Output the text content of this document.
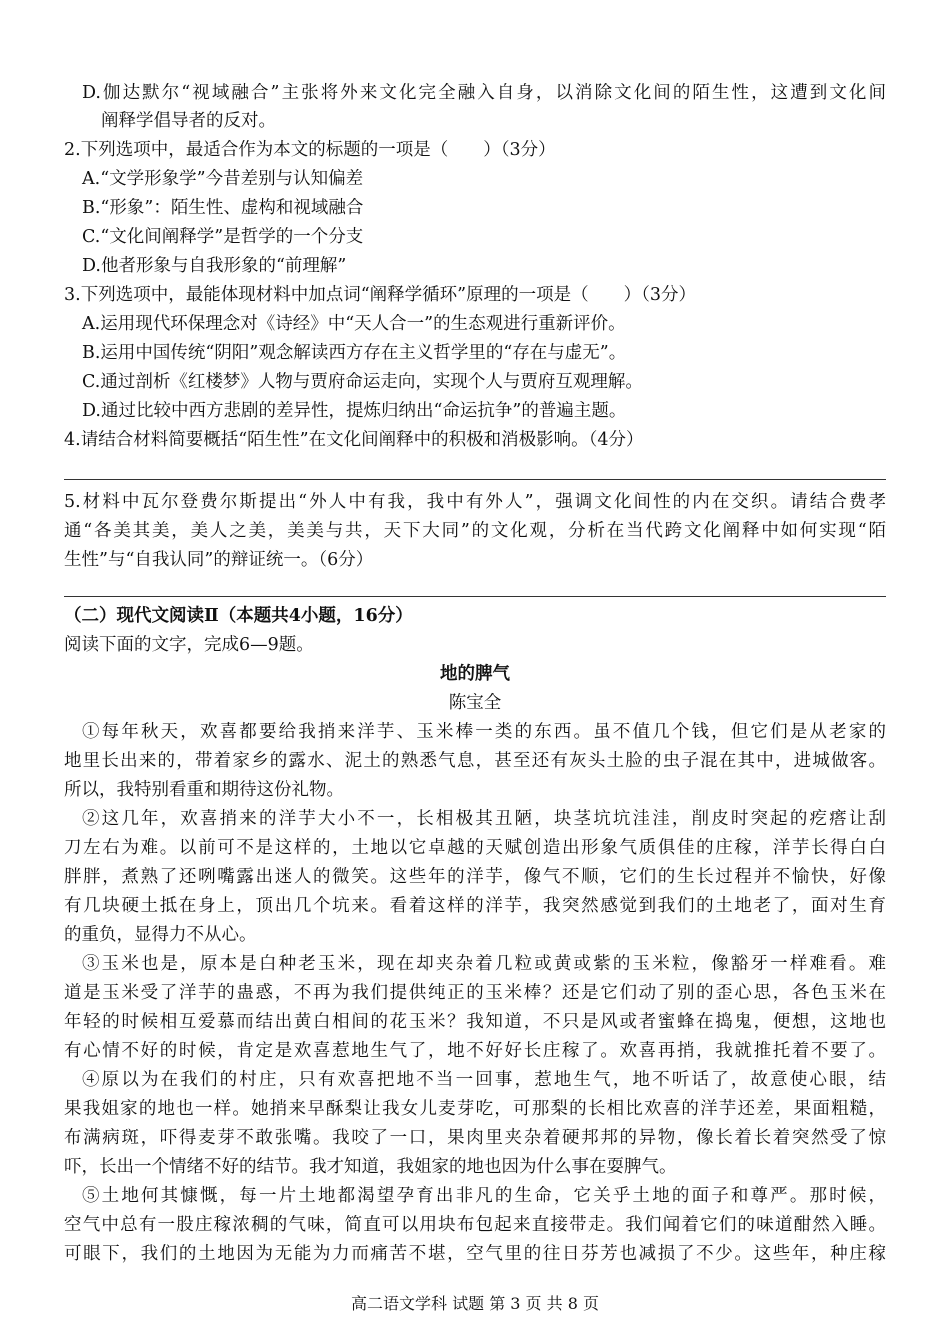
D.伽达默尔“视域融合”主张将外来文化完全融入自身，以消除文化间的陌生性，这遭到文化间
阐释学倡导者的反对。
2.下列选项中，最适合作为本文的标题的一项是（　　）（3分）
A.“文学形象学”今昔差别与认知偏差
B.“形象”：陌生性、虚构和视域融合
C.“文化间阐释学”是哲学的一个分支
D.他者形象与自我形象的“前理解”
3.下列选项中，最能体现材料中加点词“阐释学循环”原理的一项是（　　）（3分）
A.运用现代环保理念对《诗经》中“天人合一”的生态观进行重新评价。
B.运用中国传统“阴阳”观念解读西方存在主义哲学里的“存在与虚无”。
C.通过剖析《红楼梦》人物与贾府命运走向，实现个人与贾府互观理解。
D.通过比较中西方悲剧的差异性，提炼归纳出“命运抗争”的普遍主题。
4.请结合材料简要概括“陌生性”在文化间阐释中的积极和消极影响。（4分）
5.材料中瓦尔登费尔斯提出“外人中有我，我中有外人”，强调文化间性的内在交织。请结合费孝
通“各美其美，美人之美，美美与共，天下大同”的文化观，分析在当代跨文化阐释中如何实现“陌
生性”与“自我认同”的辩证统一。（6分）
（二）现代文阅读Ⅱ（本题共4小题，16分）
阅读下面的文字，完成6—9题。
地的脾气
陈宝全
①每年秋天，欢喜都要给我捎来洋芋、玉米棒一类的东西。虽不值几个钱，但它们是从老家的
地里长出来的，带着家乡的露水、泥土的熟悉气息，甚至还有灰头土脸的虫子混在其中，进城做客。
所以，我特别看重和期待这份礼物。
②这几年，欢喜捎来的洋芋大小不一，长相极其丑陋，块茎坑坑洼洼，削皮时突起的疙瘩让刮
刀左右为难。以前可不是这样的，土地以它卓越的天赋创造出形象气质俱佳的庄稼，洋芋长得白白
胖胖，煮熟了还咧嘴露出迷人的微笑。这些年的洋芋，像气不顺，它们的生长过程并不愉快，好像
有几块硬土抵在身上，顶出几个坑来。看着这样的洋芋，我突然感觉到我们的土地老了，面对生育
的重负，显得力不从心。
③玉米也是，原本是白种老玉米，现在却夹杂着几粒或黄或紫的玉米粒，像豁牙一样难看。难
道是玉米受了洋芋的蛊惑，不再为我们提供纯正的玉米棒？还是它们动了别的歪心思，各色玉米在
年轻的时候相互爱慕而结出黄白相间的花玉米？我知道，不只是风或者蜜蜂在捣鬼，便想，这地也
有心情不好的时候，肯定是欢喜惹地生气了，地不好好长庄稼了。欢喜再捎，我就推托着不要了。
④原以为在我们的村庄，只有欢喜把地不当一回事，惹地生气，地不听话了，故意使心眼，结
果我姐家的地也一样。她捎来早酥梨让我女儿麦芽吃，可那梨的长相比欢喜的洋芋还差，果面粗糙，
布满病斑，吓得麦芽不敢张嘴。我咬了一口，果肉里夹杂着硬邦邦的异物，像长着长着突然受了惊
吓，长出一个情绪不好的结节。我才知道，我姐家的地也因为什么事在耍脾气。
⑤土地何其慷慨，每一片土地都渴望孕育出非凡的生命，它关乎土地的面子和尊严。那时候，
空气中总有一股庄稼浓稠的气味，简直可以用块布包起来直接带走。我们闻着它们的味道酣然入睡。
可眼下，我们的土地因为无能为力而痛苦不堪，空气里的往日芬芳也减损了不少。这些年，种庄稼
高二语文学科 试题 第 3 页 共 8 页
